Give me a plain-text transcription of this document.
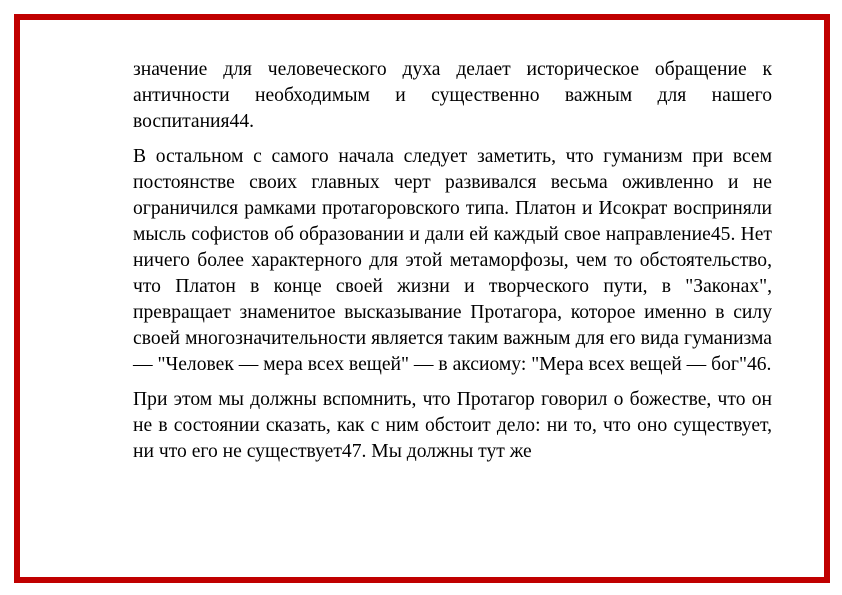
значение для человеческого духа делает историческое обращение к античности необходимым и существенно важным для нашего воспитания44.

В остальном с самого начала следует заметить, что гуманизм при всем постоянстве своих главных черт развивался весьма оживленно и не ограничился рамками протагоровского типа. Платон и Исократ восприняли мысль софистов об образовании и дали ей каждый свое направление45. Нет ничего более характерного для этой метаморфозы, чем то обстоятельство, что Платон в конце своей жизни и творческого пути, в "Законах", превращает знаменитое высказывание Протагора, которое именно в силу своей многозначительности является таким важным для его вида гуманизма — "Человек — мера всех вещей" — в аксиому: "Мера всех вещей — бог"46.

При этом мы должны вспомнить, что Протагор говорил о божестве, что он не в состоянии сказать, как с ним обстоит дело: ни то, что оно существует, ни что его не существует47. Мы должны тут же
